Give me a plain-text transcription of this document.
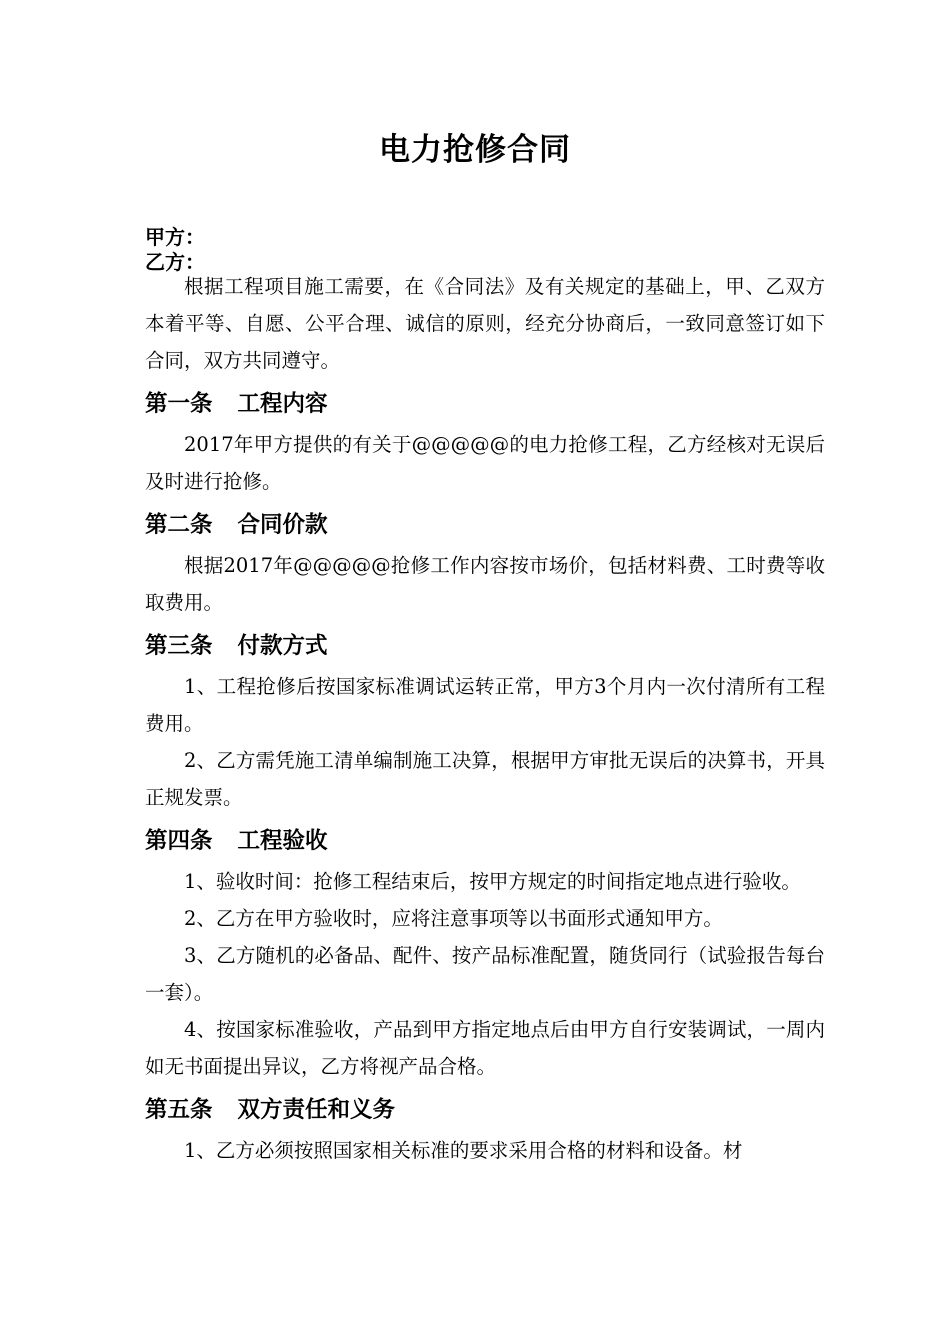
电力抢修合同
甲方：
乙方：

根据工程项目施工需要，在《合同法》及有关规定的基础上，甲、乙双方本着平等、自愿、公平合理、诚信的原则，经充分协商后，一致同意签订如下合同，双方共同遵守。

第一条 工程内容

2017年甲方提供的有关于@@@@@的电力抢修工程，乙方经核对无误后及时进行抢修。

第二条 合同价款

根据2017年@@@@@抢修工作内容按市场价，包括材料费、工时费等收取费用。

第三条 付款方式

1、工程抢修后按国家标准调试运转正常，甲方3个月内一次付清所有工程费用。

2、乙方需凭施工清单编制施工决算，根据甲方审批无误后的决算书，开具正规发票。

第四条 工程验收

1、验收时间：抢修工程结束后，按甲方规定的时间指定地点进行验收。

2、乙方在甲方验收时，应将注意事项等以书面形式通知甲方。

3、乙方随机的必备品、配件、按产品标准配置，随货同行（试验报告每台一套）。

4、按国家标准验收，产品到甲方指定地点后由甲方自行安装调试，一周内如无书面提出异议，乙方将视产品合格。

第五条 双方责任和义务

1、乙方必须按照国家相关标准的要求采用合格的材料和设备。材
